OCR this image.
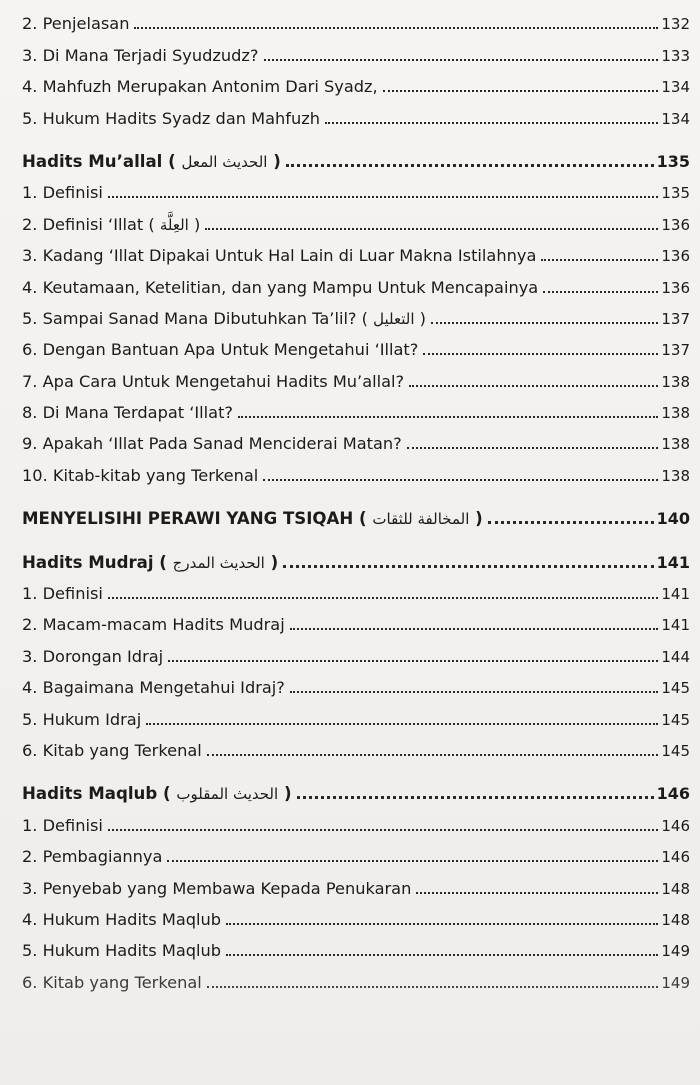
2. Penjelasan	132
3. Di Mana Terjadi Syudzudz?	133
4. Mahfuzh Merupakan Antonim Dari Syadz,	134
5. Hukum Hadits Syadz dan Mahfuzh	134
Hadits Mu’allal ( الحديث المعل )	135
1. Definisi	135
2. Definisi ‘Illat ( العِلَّة )	136
3. Kadang ‘Illat Dipakai Untuk Hal Lain di Luar Makna Istilahnya	136
4. Keutamaan, Ketelitian, dan yang Mampu Untuk Mencapainya	136
5. Sampai Sanad Mana Dibutuhkan Ta’lil? ( التعليل )	137
6. Dengan Bantuan Apa Untuk Mengetahui ‘Illat?	137
7. Apa Cara Untuk Mengetahui Hadits Mu’allal?	138
8. Di Mana Terdapat ‘Illat?	138
9. Apakah ‘Illat Pada Sanad Menciderai Matan?	138
10. Kitab-kitab yang Terkenal	138
MENYELISIHI PERAWI YANG TSIQAH ( المخالفة للثقات )	140
Hadits Mudraj ( الحديث المدرج )	141
1. Definisi	141
2. Macam-macam Hadits Mudraj	141
3. Dorongan Idraj	144
4. Bagaimana Mengetahui Idraj?	145
5. Hukum Idraj	145
6. Kitab yang Terkenal	145
Hadits Maqlub ( الحديث المقلوب )	146
1. Definisi	146
2. Pembagiannya	146
3. Penyebab yang Membawa Kepada Penukaran	148
4. Hukum Hadits Maqlub	148
5. Hukum Hadits Maqlub	149
6. Kitab yang Terkenal	149
